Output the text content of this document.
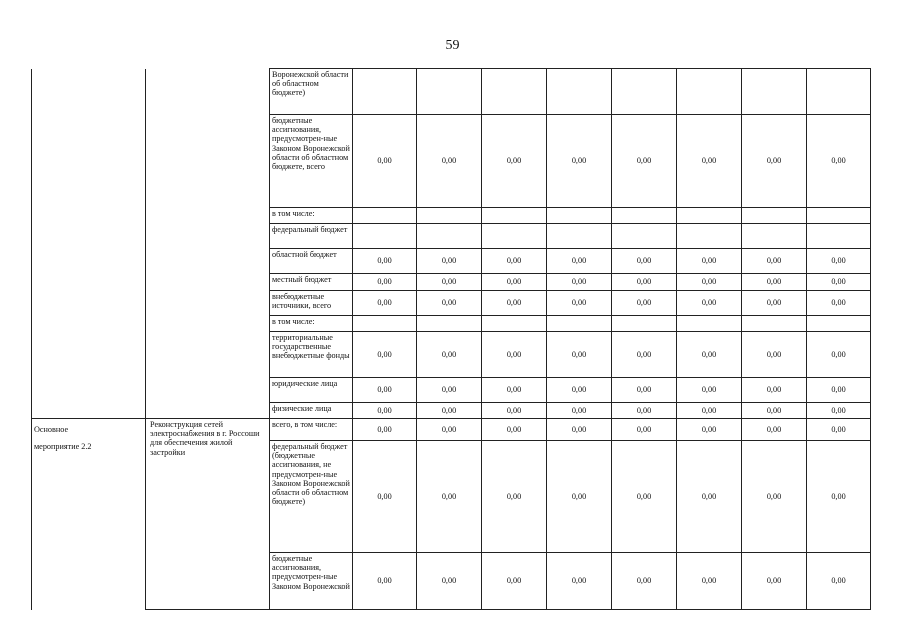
59
		Воронежской области об областном бюджете)								
		бюджетные ассигнования, предусмотрен-ные Законом Воронежской области об областном бюджете, всего	0,00	0,00	0,00	0,00	0,00	0,00	0,00	0,00
		в том числе:								
		федеральный бюджет								
		областной бюджет	0,00	0,00	0,00	0,00	0,00	0,00	0,00	0,00
		местный бюджет	0,00	0,00	0,00	0,00	0,00	0,00	0,00	0,00
		внебюджетные источники, всего	0,00	0,00	0,00	0,00	0,00	0,00	0,00	0,00
		в том числе:								
		территориальные государственные внебюджетные фонды	0,00	0,00	0,00	0,00	0,00	0,00	0,00	0,00
		юридические лица	0,00	0,00	0,00	0,00	0,00	0,00	0,00	0,00
		физические лица	0,00	0,00	0,00	0,00	0,00	0,00	0,00	0,00

Основное
мероприятие 2.2	Реконструкция сетей электроснабжения в г. Россоши для обеспечения жилой застройки	всего, в том числе:	0,00	0,00	0,00	0,00	0,00	0,00	0,00	0,00
		федеральный бюджет (бюджетные ассигнования, не предусмотрен-ные Законом Воронежской области об областном бюджете)	0,00	0,00	0,00	0,00	0,00	0,00	0,00	0,00
		бюджетные ассигнования, предусмотрен-ные Законом Воронежской	0,00	0,00	0,00	0,00	0,00	0,00	0,00	0,00
